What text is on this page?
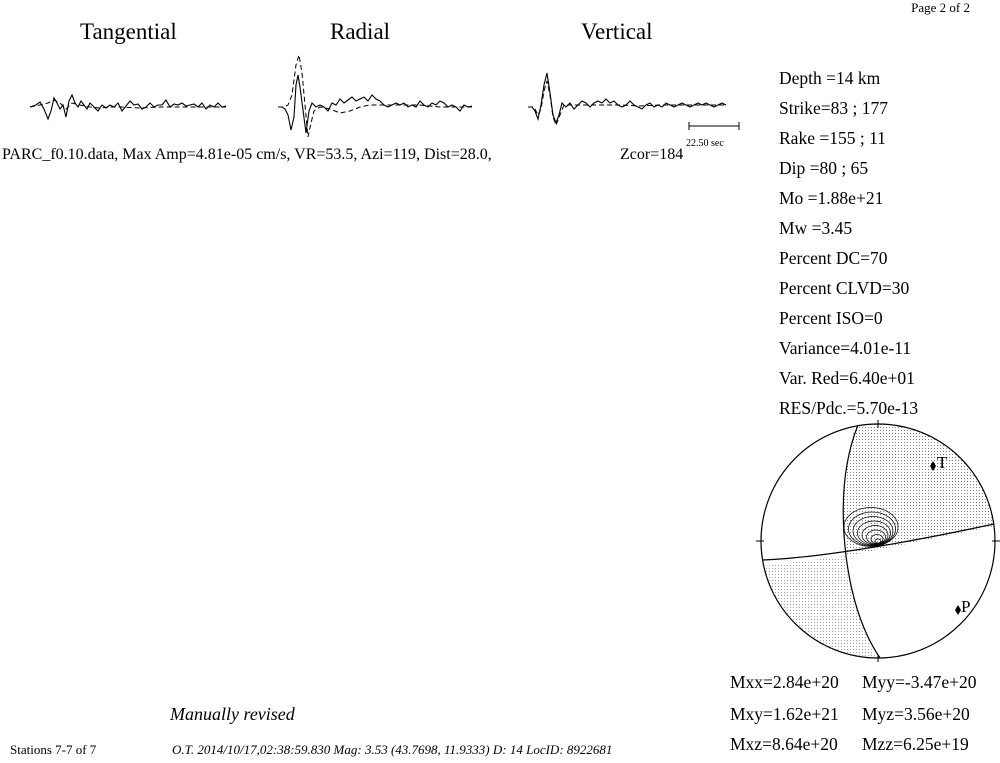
Page 2 of 2
Tangential	Radial	Vertical
22.50 sec
PARC_f0.10.data, Max Amp=4.81e-05 cm/s, VR=53.5, Azi=119, Dist=28.0,	Zcor=184
Depth =14 km
Strike=83 ; 177
Rake =155 ; 11
Dip =80 ; 65
Mo =1.88e+21
Mw =3.45
Percent DC=70
Percent CLVD=30
Percent ISO=0
Variance=4.01e-11
Var. Red=6.40e+01
RES/Pdc.=5.70e-13
T
P
Mxx=2.84e+20 Myy=-3.47e+20
Mxy=1.62e+21 Myz=3.56e+20
Mxz=8.64e+20 Mzz=6.25e+19
Manually revised
Stations 7-7 of 7	O.T. 2014/10/17,02:38:59.830 Mag: 3.53 (43.7698, 11.9333) D: 14 LocID: 8922681
